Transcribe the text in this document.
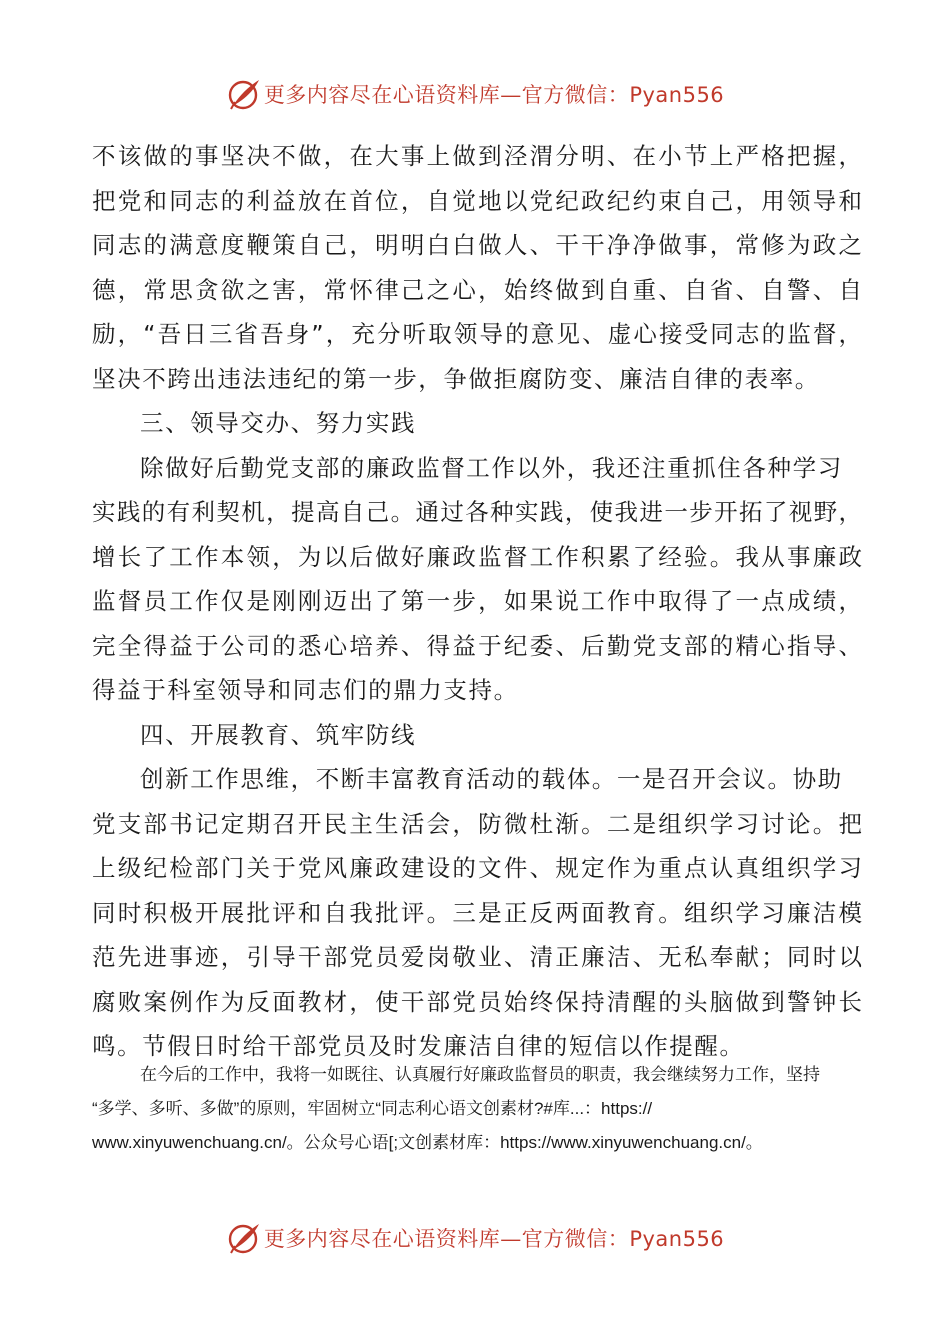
更多内容尽在心语资料库—官方微信：Pyan556

不该做的事坚决不做，在大事上做到泾渭分明、在小节上严格把握，

把党和同志的利益放在首位，自觉地以党纪政纪约束自己，用领导和

同志的满意度鞭策自己，明明白白做人、干干净净做事，常修为政之

德，常思贪欲之害，常怀律己之心，始终做到自重、自省、自警、自

励，“吾日三省吾身”，充分听取领导的意见、虚心接受同志的监督，

坚决不跨出违法违纪的第一步，争做拒腐防变、廉洁自律的表率。

三、领导交办、努力实践

除做好后勤党支部的廉政监督工作以外，我还注重抓住各种学习

实践的有利契机，提高自己。通过各种实践，使我进一步开拓了视野，

增长了工作本领，为以后做好廉政监督工作积累了经验。我从事廉政

监督员工作仅是刚刚迈出了第一步，如果说工作中取得了一点成绩，

完全得益于公司的悉心培养、得益于纪委、后勤党支部的精心指导、

得益于科室领导和同志们的鼎力支持。

四、开展教育、筑牢防线

创新工作思维，不断丰富教育活动的载体。一是召开会议。协助

党支部书记定期召开民主生活会，防微杜渐。二是组织学习讨论。把

上级纪检部门关于党风廉政建设的文件、规定作为重点认真组织学习

同时积极开展批评和自我批评。三是正反两面教育。组织学习廉洁模

范先进事迹，引导干部党员爱岗敬业、清正廉洁、无私奉献；同时以

腐败案例作为反面教材，使干部党员始终保持清醒的头脑做到警钟长

鸣。节假日时给干部党员及时发廉洁自律的短信以作提醒。

在今后的工作中，我将一如既往、认真履行好廉政监督员的职责，我会继续努力工作，坚持

“多学、多听、多做”的原则，牢固树立“同志利心语文创素材?#库...：https://

www.xinyuwenchuang.cn/。公众号心语[;文创素材库：https://www.xinyuwenchuang.cn/。

更多内容尽在心语资料库—官方微信：Pyan556
